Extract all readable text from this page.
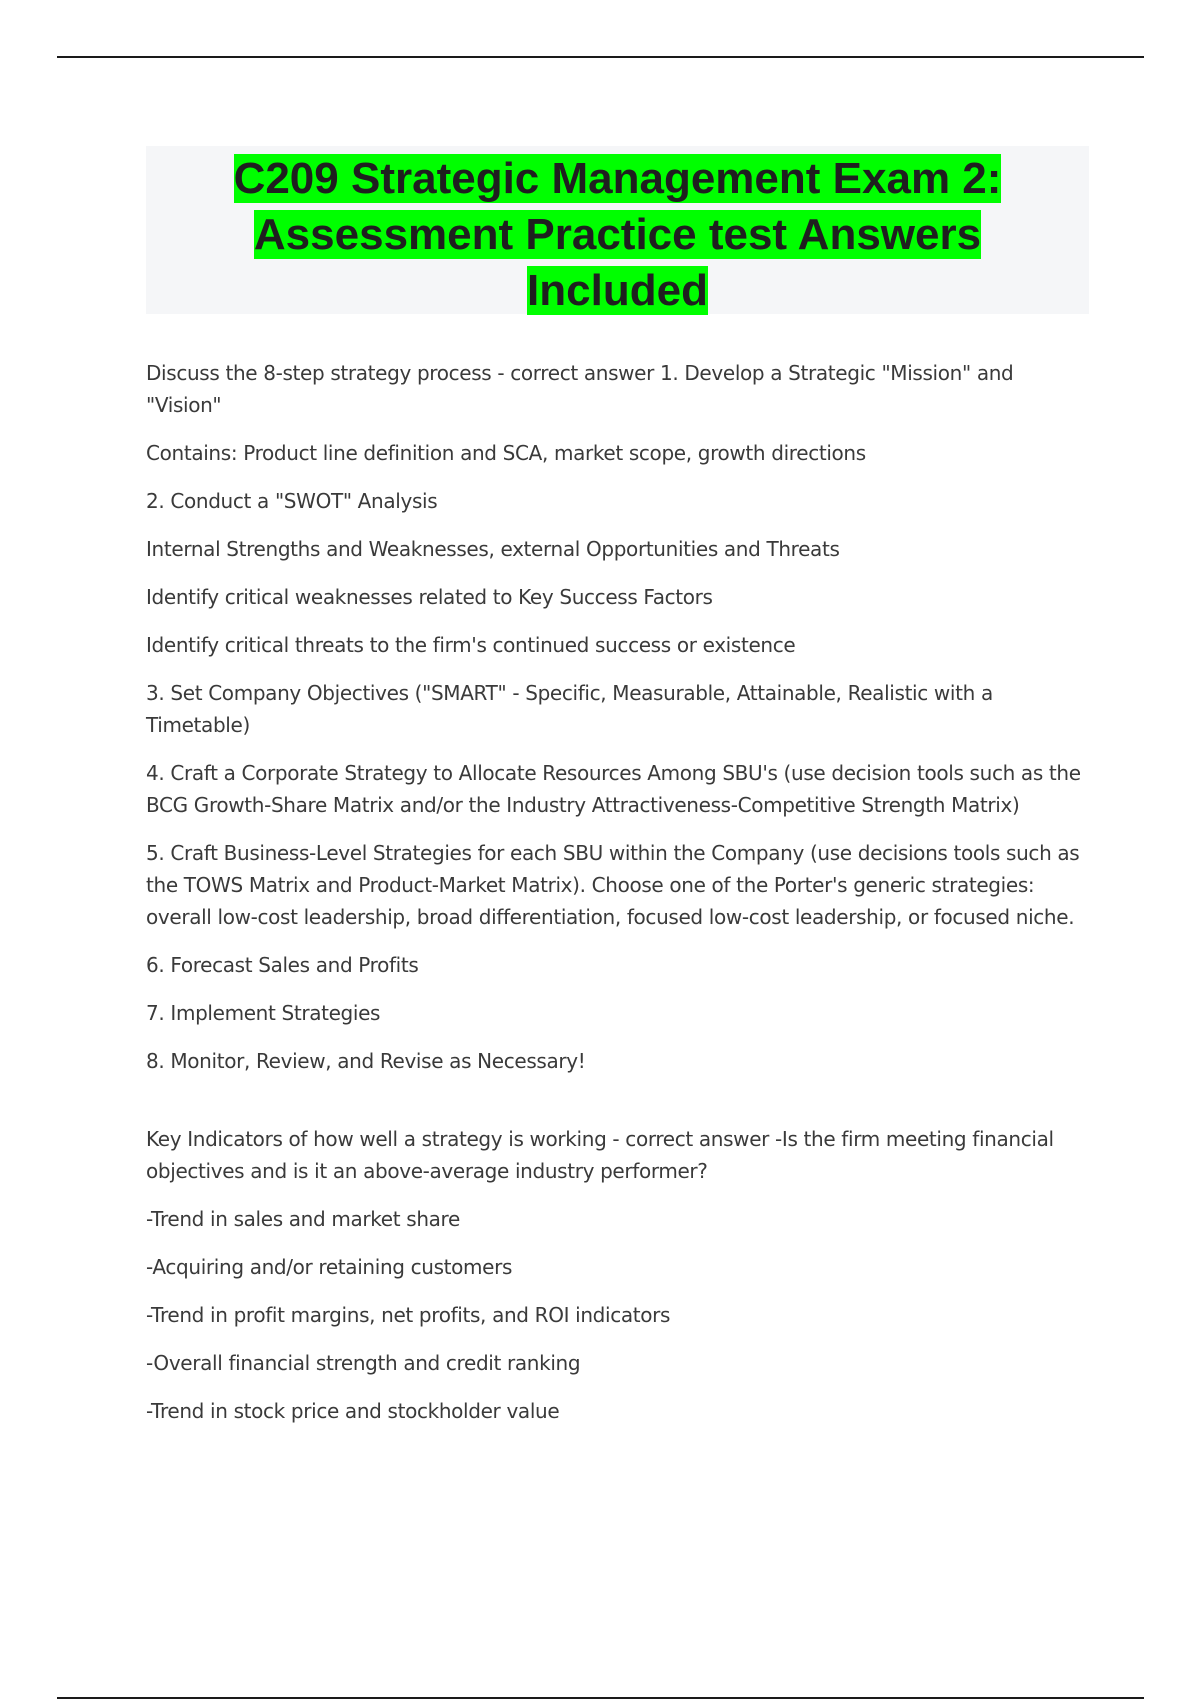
C209 Strategic Management Exam 2:
Assessment Practice test Answers
Included

Discuss the 8-step strategy process - correct answer 1. Develop a Strategic "Mission" and "Vision"

Contains: Product line definition and SCA, market scope, growth directions

2. Conduct a "SWOT" Analysis

Internal Strengths and Weaknesses, external Opportunities and Threats

Identify critical weaknesses related to Key Success Factors

Identify critical threats to the firm's continued success or existence

3. Set Company Objectives ("SMART" - Specific, Measurable, Attainable, Realistic with a Timetable)

4. Craft a Corporate Strategy to Allocate Resources Among SBU's (use decision tools such as the BCG Growth-Share Matrix and/or the Industry Attractiveness-Competitive Strength Matrix)

5. Craft Business-Level Strategies for each SBU within the Company (use decisions tools such as the TOWS Matrix and Product-Market Matrix). Choose one of the Porter's generic strategies: overall low-cost leadership, broad differentiation, focused low-cost leadership, or focused niche.

6. Forecast Sales and Profits

7. Implement Strategies

8. Monitor, Review, and Revise as Necessary!

Key Indicators of how well a strategy is working - correct answer -Is the firm meeting financial objectives and is it an above-average industry performer?

-Trend in sales and market share

-Acquiring and/or retaining customers

-Trend in profit margins, net profits, and ROI indicators

-Overall financial strength and credit ranking

-Trend in stock price and stockholder value
